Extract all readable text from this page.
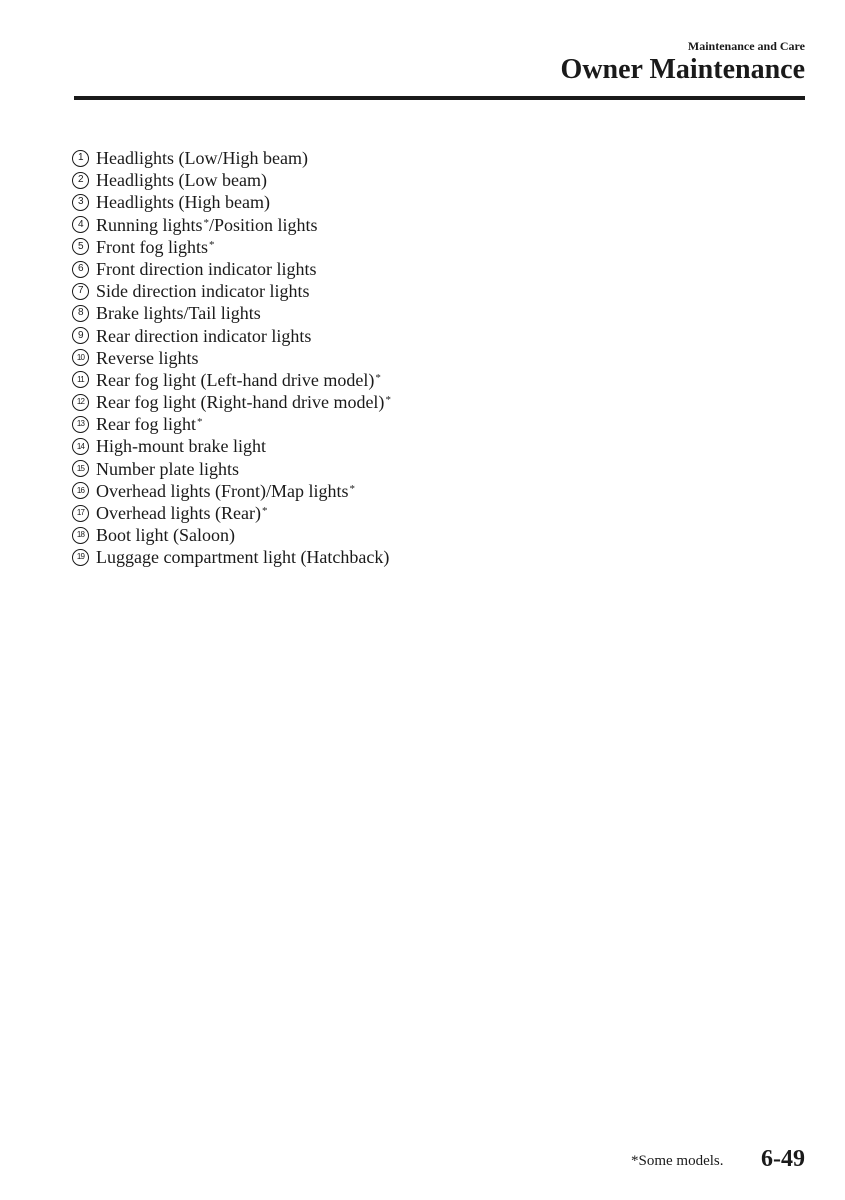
Maintenance and Care
Owner Maintenance
1 Headlights (Low/High beam)
2 Headlights (Low beam)
3 Headlights (High beam)
4 Running lights * /Position lights
5 Front fog lights *
6 Front direction indicator lights
7 Side direction indicator lights
8 Brake lights/Tail lights
9 Rear direction indicator lights
10 Reverse lights
11 Rear fog light (Left-hand drive model) *
12 Rear fog light (Right-hand drive model) *
13 Rear fog light *
14 High-mount brake light
15 Number plate lights
16 Overhead lights (Front)/Map lights *
17 Overhead lights (Rear) *
18 Boot light (Saloon)
19 Luggage compartment light (Hatchback)
*Some models. 6-49
